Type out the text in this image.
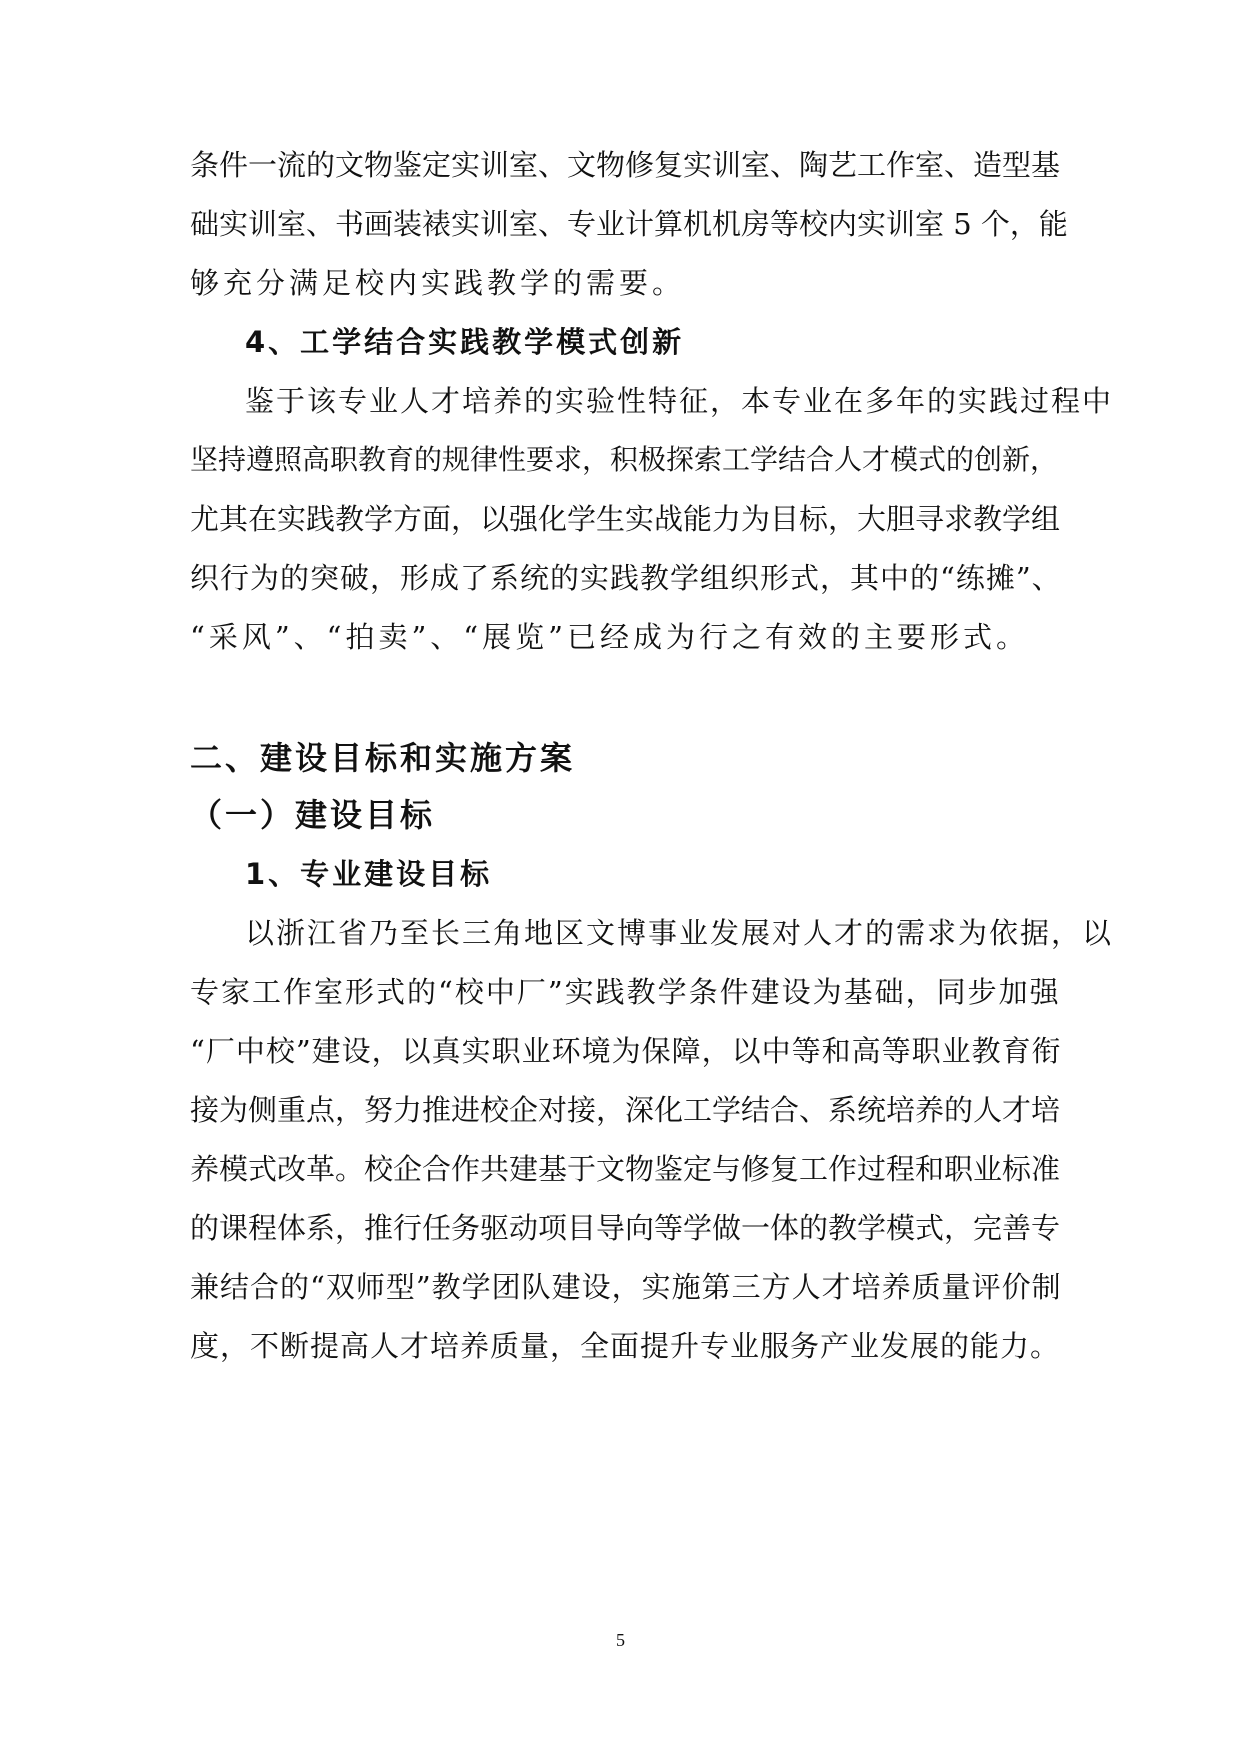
条件一流的文物鉴定实训室、文物修复实训室、陶艺工作室、造型基
础实训室、书画装裱实训室、专业计算机机房等校内实训室 5 个，能
够充分满足校内实践教学的需要。
4、工学结合实践教学模式创新
鉴于该专业人才培养的实验性特征，本专业在多年的实践过程中
坚持遵照高职教育的规律性要求，积极探索工学结合人才模式的创新，
尤其在实践教学方面，以强化学生实战能力为目标，大胆寻求教学组
织行为的突破，形成了系统的实践教学组织形式，其中的“练摊”、
“采风”、“拍卖”、“展览”已经成为行之有效的主要形式。
二、建设目标和实施方案
（一）建设目标
1、专业建设目标
以浙江省乃至长三角地区文博事业发展对人才的需求为依据，以
专家工作室形式的“校中厂”实践教学条件建设为基础，同步加强
“厂中校”建设，以真实职业环境为保障，以中等和高等职业教育衔
接为侧重点，努力推进校企对接，深化工学结合、系统培养的人才培
养模式改革。校企合作共建基于文物鉴定与修复工作过程和职业标准
的课程体系，推行任务驱动项目导向等学做一体的教学模式，完善专
兼结合的“双师型”教学团队建设，实施第三方人才培养质量评价制
度，不断提高人才培养质量，全面提升专业服务产业发展的能力。
5
